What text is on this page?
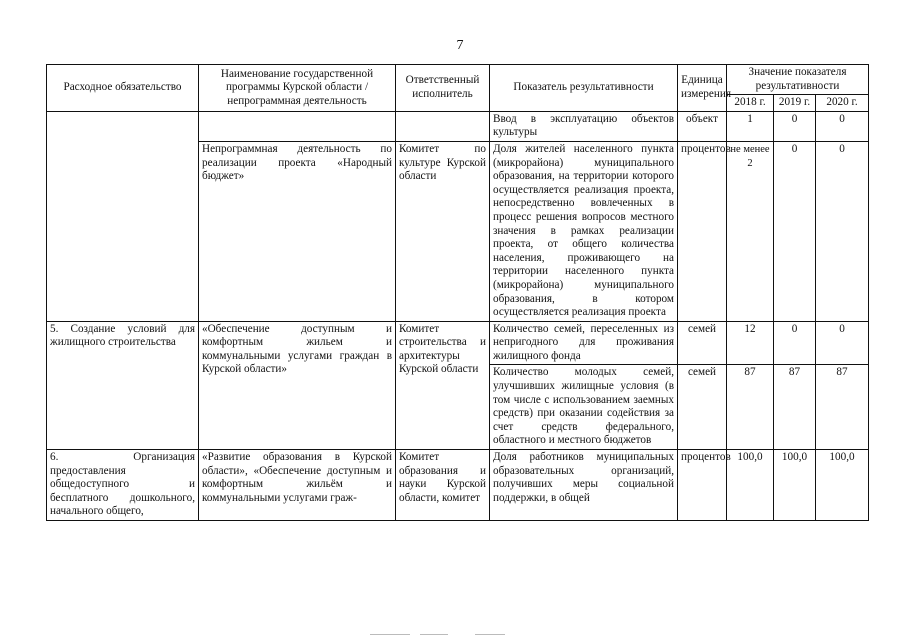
7
Расходное обязательство	Наименование государственной программы Курской области / непрограммная деятельность	Ответственный исполнитель	Показатель результативности	Единица измерения	Значение показателя результативности		
					2018 г.	2019 г.	2020 г.
			Ввод в эксплуатацию объектов культуры	объект	1	0	0
	Непрограммная деятельность по реализации проекта «Народный бюджет»	Комитет по культуре Курской области	Доля жителей населенного пункта (микрорайона) муниципального образования, на территории которого осуществляется реализация проекта, непосредственно вовлеченных в процесс решения вопросов местного значения в рамках реализации проекта, от общего количества населения, проживающего на территории населенного пункта (микрорайона) муниципального образования, в котором осуществляется реализация проекта	процентов	не менее 2	0	0
5. Создание условий для жилищного строительства	«Обеспечение доступным и комфортным жильем и коммунальными услугами граждан в Курской области»	Комитет строительства и архитектуры Курской области	Количество семей, переселенных из непригодного для проживания жилищного фонда	семей	12	0	0
			Количество молодых семей, улучшивших жилищные условия (в том числе с использованием заемных средств) при оказании содействия за счет средств федерального, областного и местного бюджетов	семей	87	87	87
6. Организация предоставления общедоступного и бесплатного дошкольного, начального общего,	«Развитие образования в Курской области», «Обеспечение доступным и комфортным жильём и коммунальными услугами граж-	Комитет образования и науки Курской области, комитет	Доля работников муниципальных образовательных организаций, получивших меры социальной поддержки, в общей	процентов	100,0	100,0	100,0
